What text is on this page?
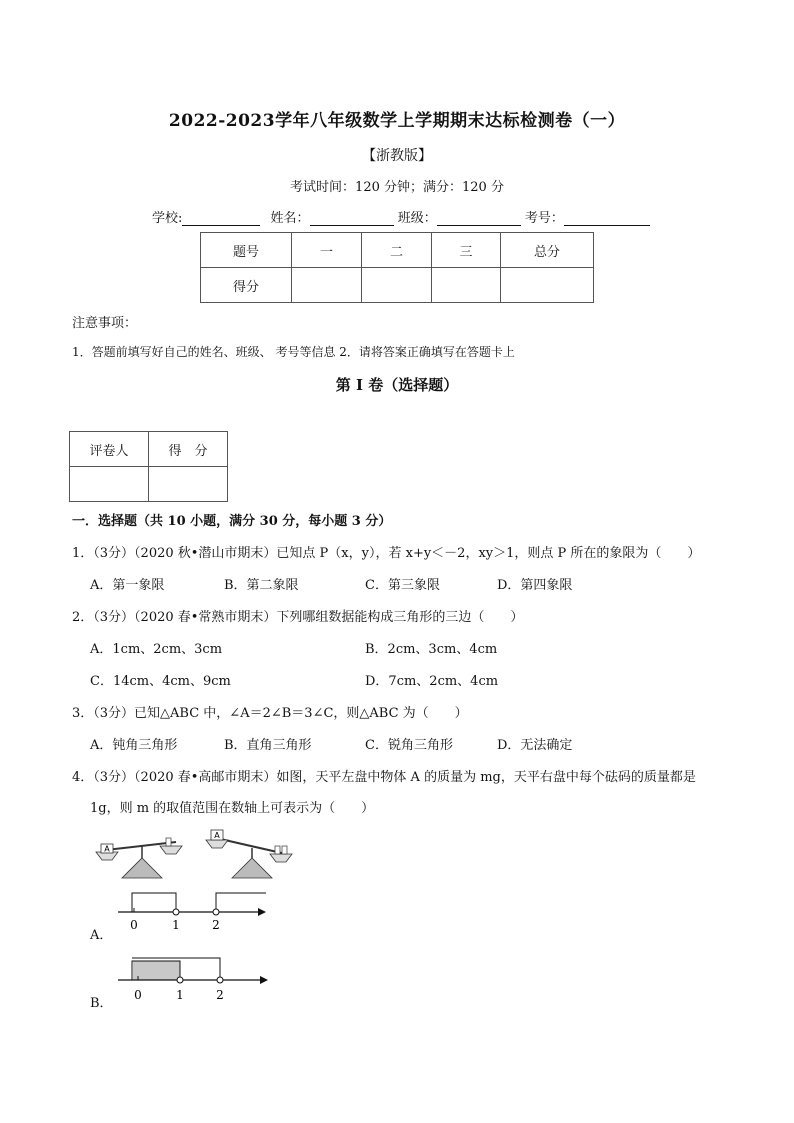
2022-2023学年八年级数学上学期期末达标检测卷（一）
【浙教版】
考试时间：120 分钟；满分：120 分
学校:	姓名：	班级：	考号：
题号	一	二	三	总分
得分				
注意事项：
1．答题前填写好自己的姓名、班级、 考号等信息 2．请将答案正确填写在答题卡上
第 I 卷（选择题）
评卷人	得　分

一．选择题（共 10 小题，满分 30 分，每小题 3 分）
1．（3分）（2020 秋•潜山市期末）已知点 P（x，y），若 x+y＜－2，xy＞1，则点 P 所在的象限为（　　）
A．第一象限	B．第二象限	C．第三象限	D．第四象限
2．（3分）（2020 春•常熟市期末）下列哪组数据能构成三角形的三边（　　）
A．1cm、2cm、3cm	B．2cm、3cm、4cm
C．14cm、4cm、9cm	D．7cm、2cm、4cm
3．（3分）已知△ABC 中，∠A＝2∠B＝3∠C，则△ABC 为（　　）
A．钝角三角形	B．直角三角形	C．锐角三角形	D．无法确定
4．（3分）（2020 春•高邮市期末）如图，天平左盘中物体 A 的质量为 mg，天平右盘中每个砝码的质量都是
1g，则 m 的取值范围在数轴上可表示为（　　）
A
A
A．
0	1	2
B．
0	1	2
